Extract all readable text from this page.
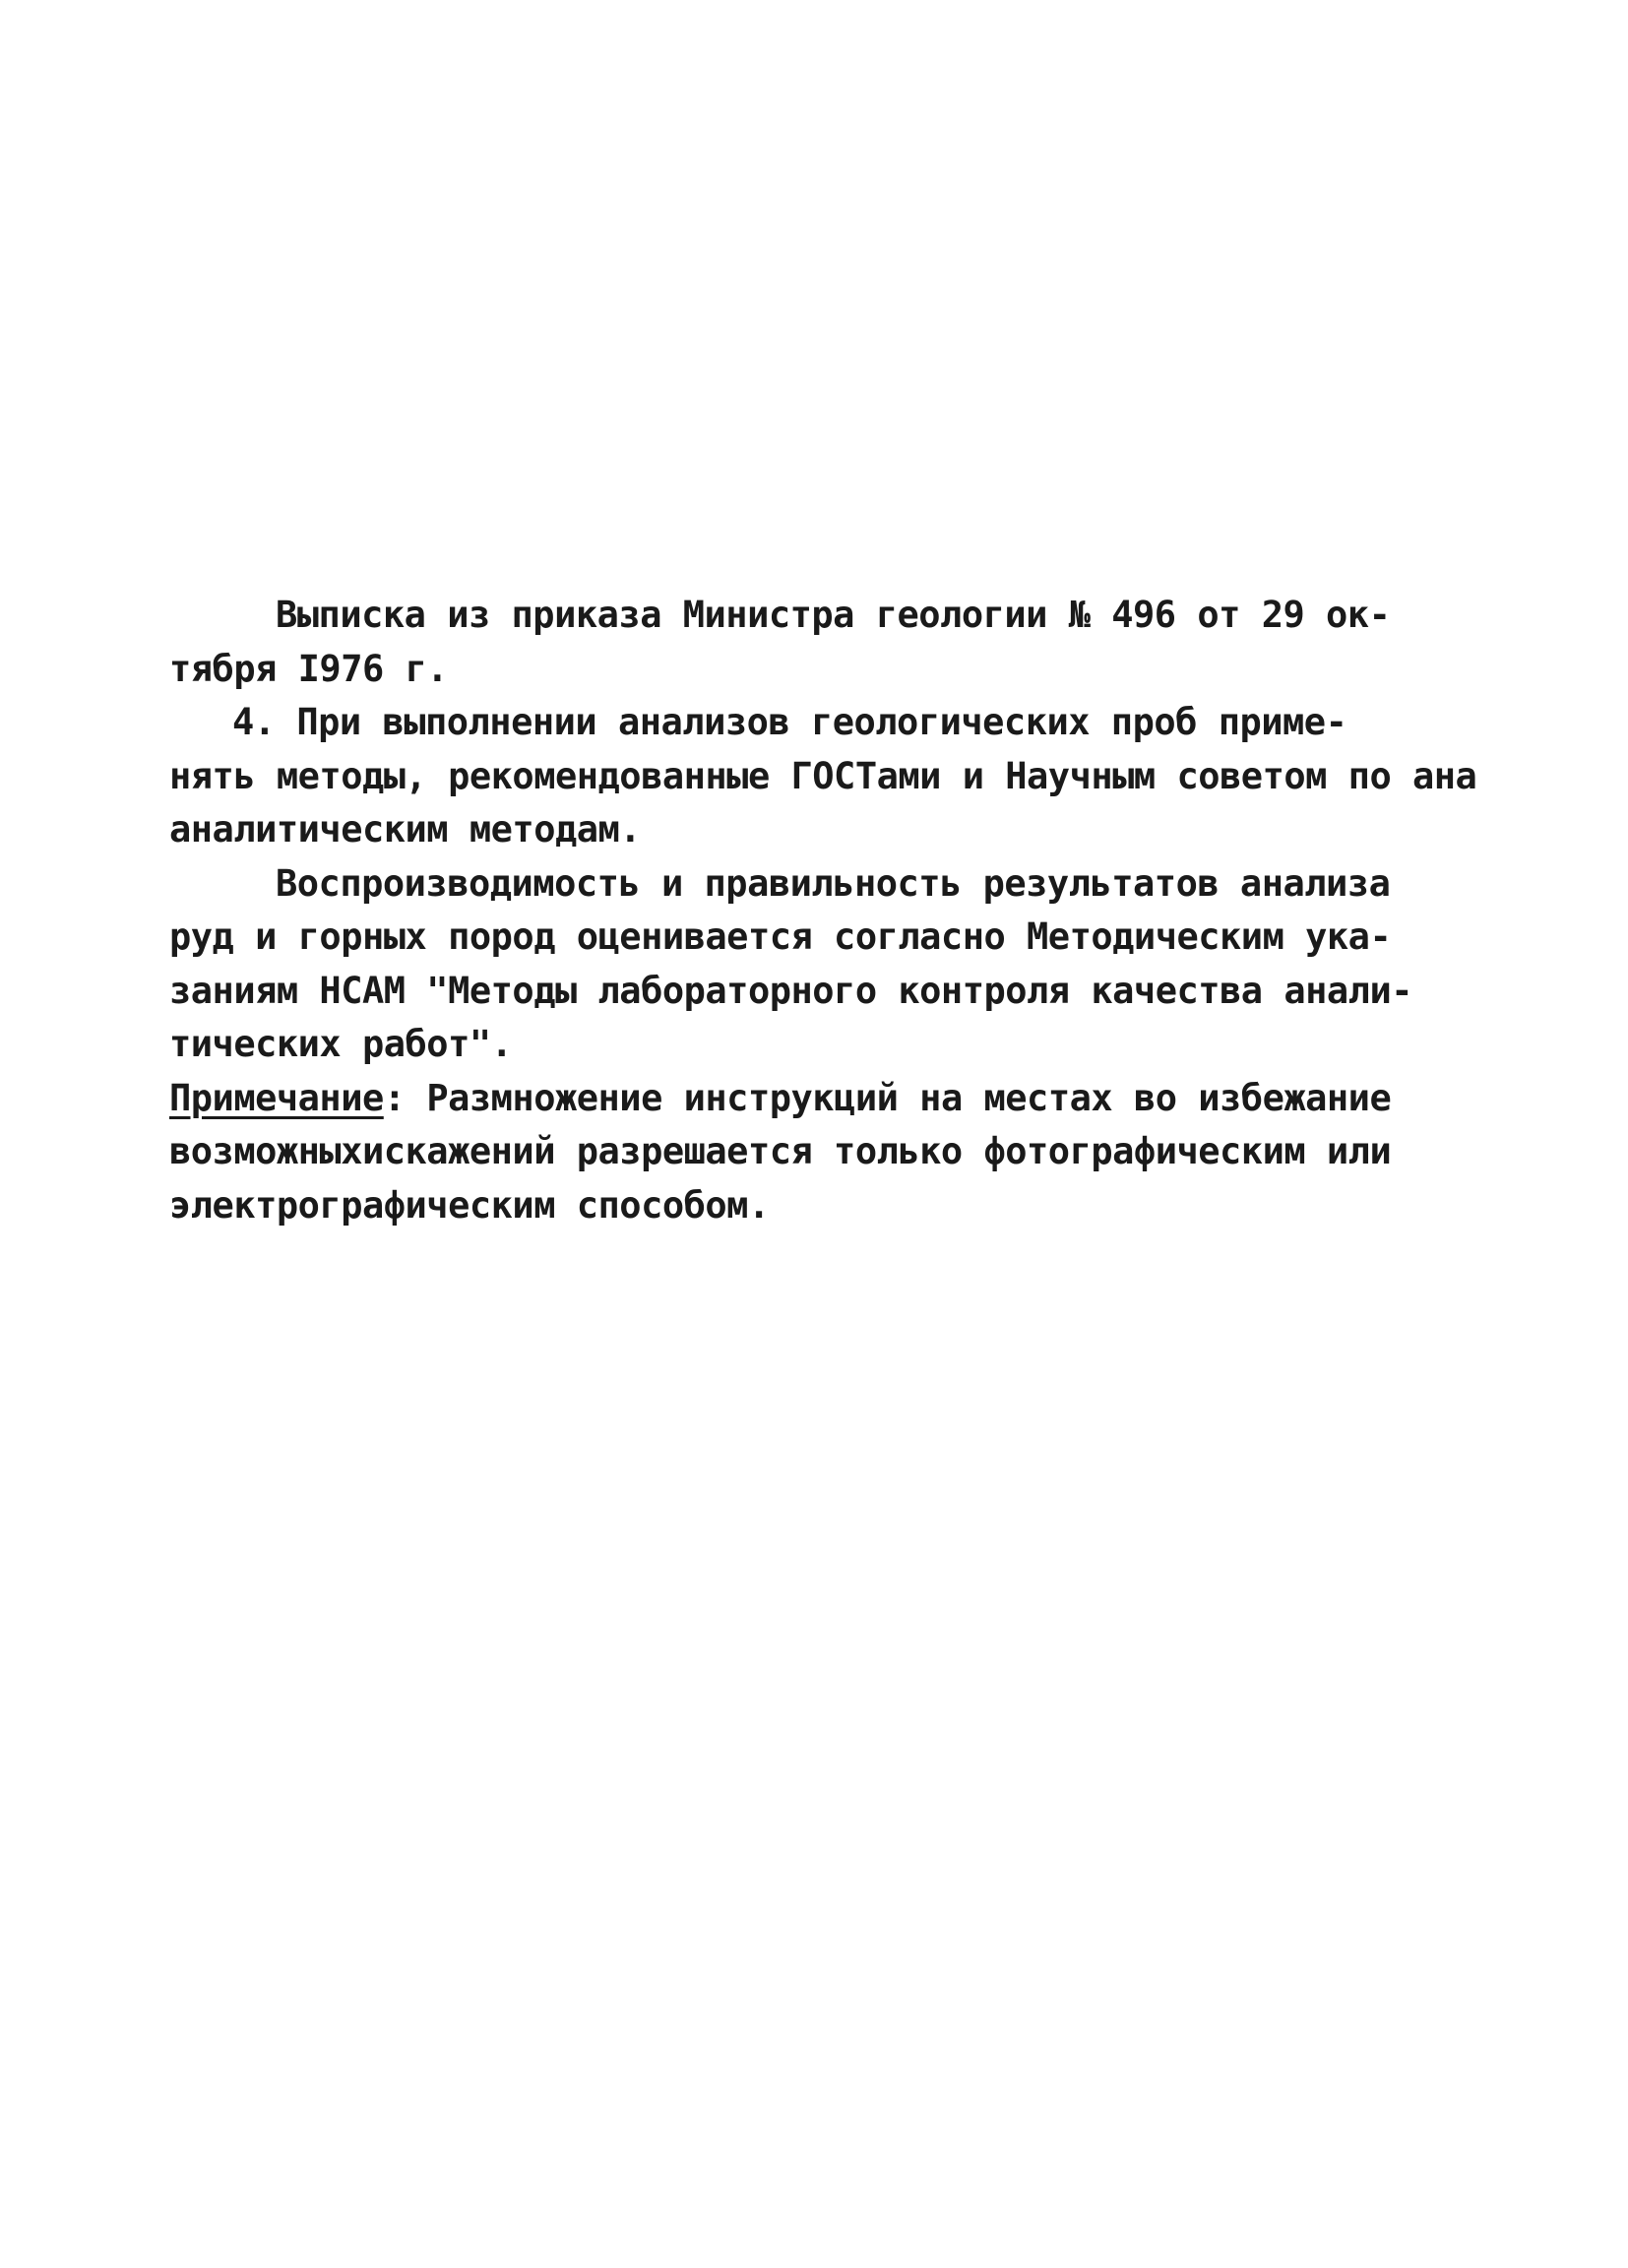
Выписка из приказа Министра геологии № 496 от 29 ок-
тября I976 г.
4. При выполнении анализов геологических проб приме-
нять методы, рекомендованные ГОСТами и Научным советом по ана
аналитическим методам.
Воспроизводимость и правильность результатов анализа
руд и горных пород оценивается согласно Методическим ука-
заниям НСАМ "Методы лабораторного контроля качества анали-
тических работ".
Примечание: Размножение инструкций на местах во избежание
возможныхискажений разрешается только фотографическим или
электрографическим способом.
